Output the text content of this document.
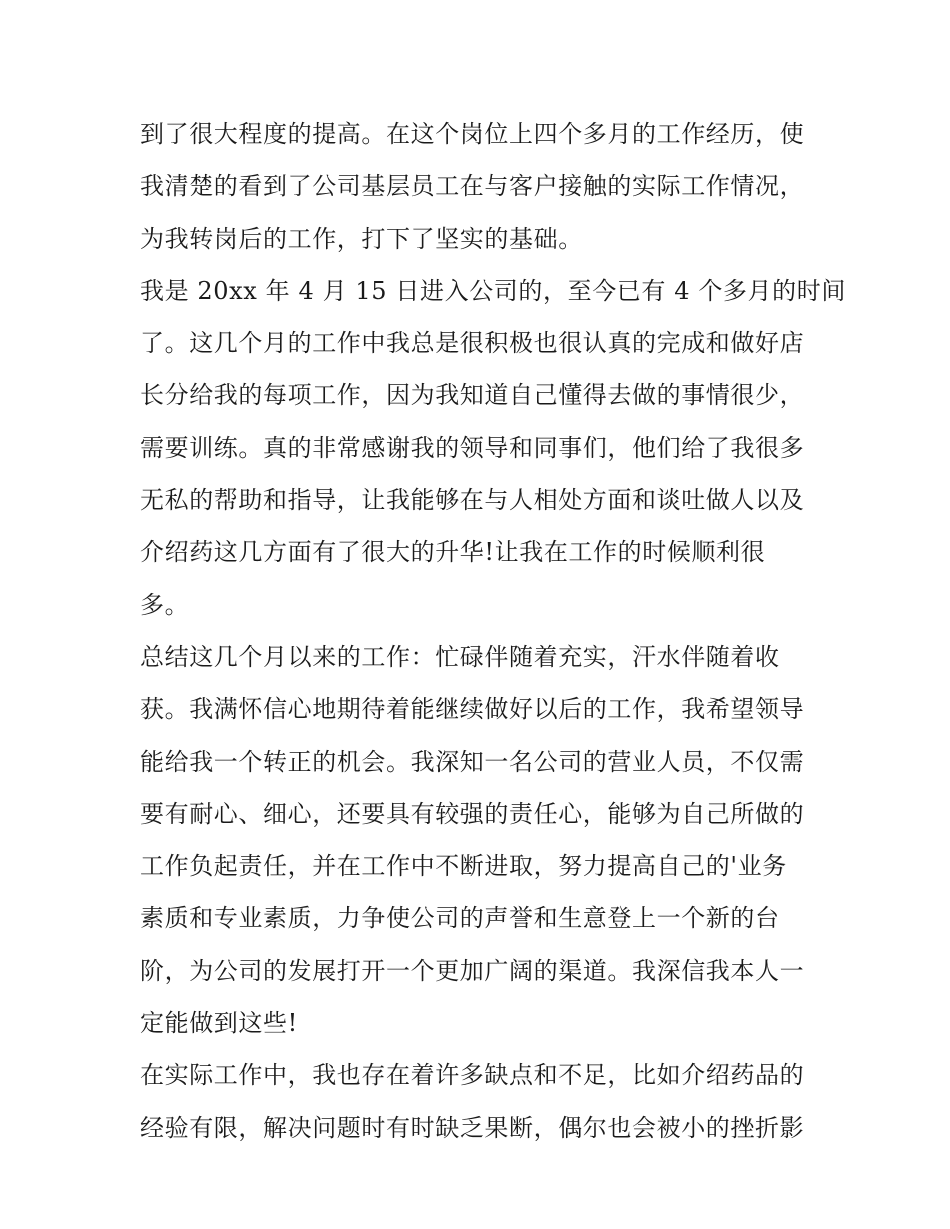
到了很大程度的提高。在这个岗位上四个多月的工作经历，使
我清楚的看到了公司基层员工在与客户接触的实际工作情况，
为我转岗后的工作，打下了坚实的基础。
我是 20xx 年 4 月 15 日进入公司的，至今已有 4 个多月的时间
了。这几个月的工作中我总是很积极也很认真的完成和做好店
长分给我的每项工作，因为我知道自己懂得去做的事情很少，
需要训练。真的非常感谢我的领导和同事们，他们给了我很多
无私的帮助和指导，让我能够在与人相处方面和谈吐做人以及
介绍药这几方面有了很大的升华!让我在工作的时候顺利很
多。
总结这几个月以来的工作：忙碌伴随着充实，汗水伴随着收
获。我满怀信心地期待着能继续做好以后的工作，我希望领导
能给我一个转正的机会。我深知一名公司的营业人员，不仅需
要有耐心、细心，还要具有较强的责任心，能够为自己所做的
工作负起责任，并在工作中不断进取，努力提高自己的'业务
素质和专业素质，力争使公司的声誉和生意登上一个新的台
阶，为公司的发展打开一个更加广阔的渠道。我深信我本人一
定能做到这些!
在实际工作中，我也存在着许多缺点和不足，比如介绍药品的
经验有限，解决问题时有时缺乏果断，偶尔也会被小的挫折影
